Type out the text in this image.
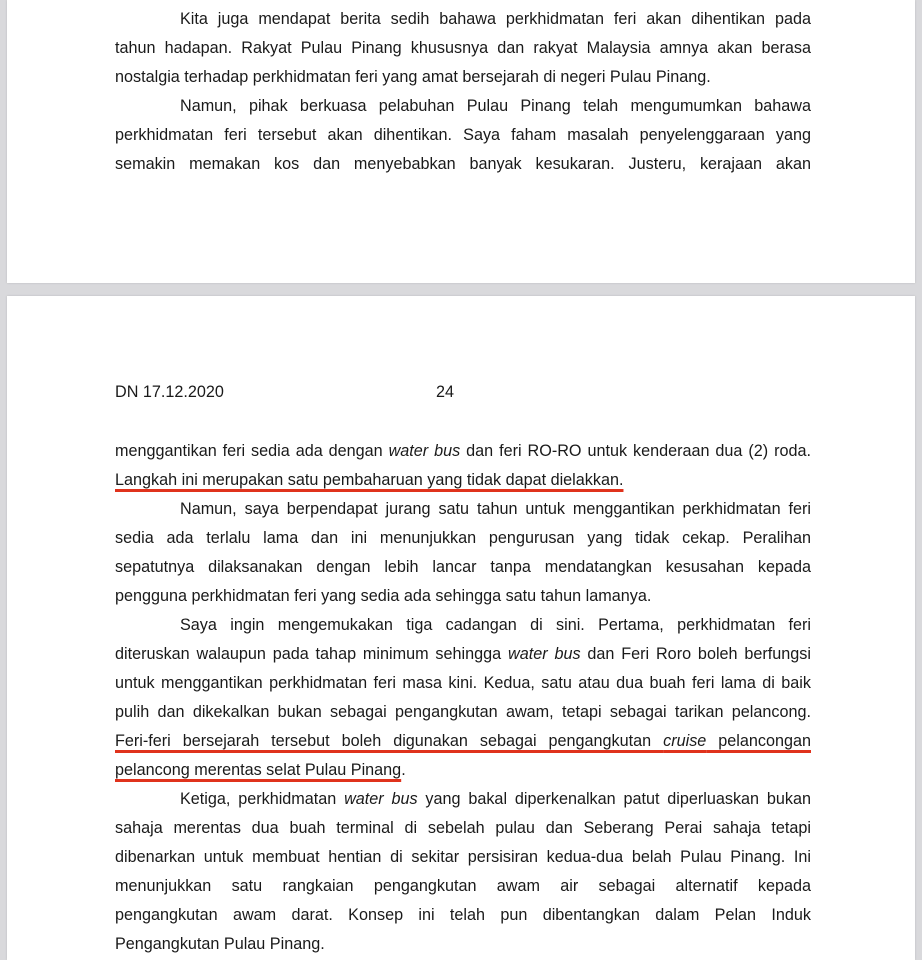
Kita juga mendapat berita sedih bahawa perkhidmatan feri akan dihentikan pada
tahun hadapan. Rakyat Pulau Pinang khususnya dan rakyat Malaysia amnya akan berasa
nostalgia terhadap perkhidmatan feri yang amat bersejarah di negeri Pulau Pinang.
Namun, pihak berkuasa pelabuhan Pulau Pinang telah mengumumkan bahawa
perkhidmatan feri tersebut akan dihentikan. Saya faham masalah penyelenggaraan yang
semakin memakan kos dan menyebabkan banyak kesukaran. Justeru, kerajaan akan
DN 17.12.2020	24
menggantikan feri sedia ada dengan water bus dan feri RO-RO untuk kenderaan dua (2) roda.
Langkah ini merupakan satu pembaharuan yang tidak dapat dielakkan.
Namun, saya berpendapat jurang satu tahun untuk menggantikan perkhidmatan feri
sedia ada terlalu lama dan ini menunjukkan pengurusan yang tidak cekap. Peralihan
sepatutnya dilaksanakan dengan lebih lancar tanpa mendatangkan kesusahan kepada
pengguna perkhidmatan feri yang sedia ada sehingga satu tahun lamanya.
Saya ingin mengemukakan tiga cadangan di sini. Pertama, perkhidmatan feri
diteruskan walaupun pada tahap minimum sehingga water bus dan Feri Roro boleh berfungsi
untuk menggantikan perkhidmatan feri masa kini. Kedua, satu atau dua buah feri lama di baik
pulih dan dikekalkan bukan sebagai pengangkutan awam, tetapi sebagai tarikan pelancong.
Feri-feri bersejarah tersebut boleh digunakan sebagai pengangkutan cruise pelancongan
pelancong merentas selat Pulau Pinang.
Ketiga, perkhidmatan water bus yang bakal diperkenalkan patut diperluaskan bukan
sahaja merentas dua buah terminal di sebelah pulau dan Seberang Perai sahaja tetapi
dibenarkan untuk membuat hentian di sekitar persisiran kedua-dua belah Pulau Pinang. Ini
menunjukkan satu rangkaian pengangkutan awam air sebagai alternatif kepada
pengangkutan awam darat. Konsep ini telah pun dibentangkan dalam Pelan Induk
Pengangkutan Pulau Pinang.
